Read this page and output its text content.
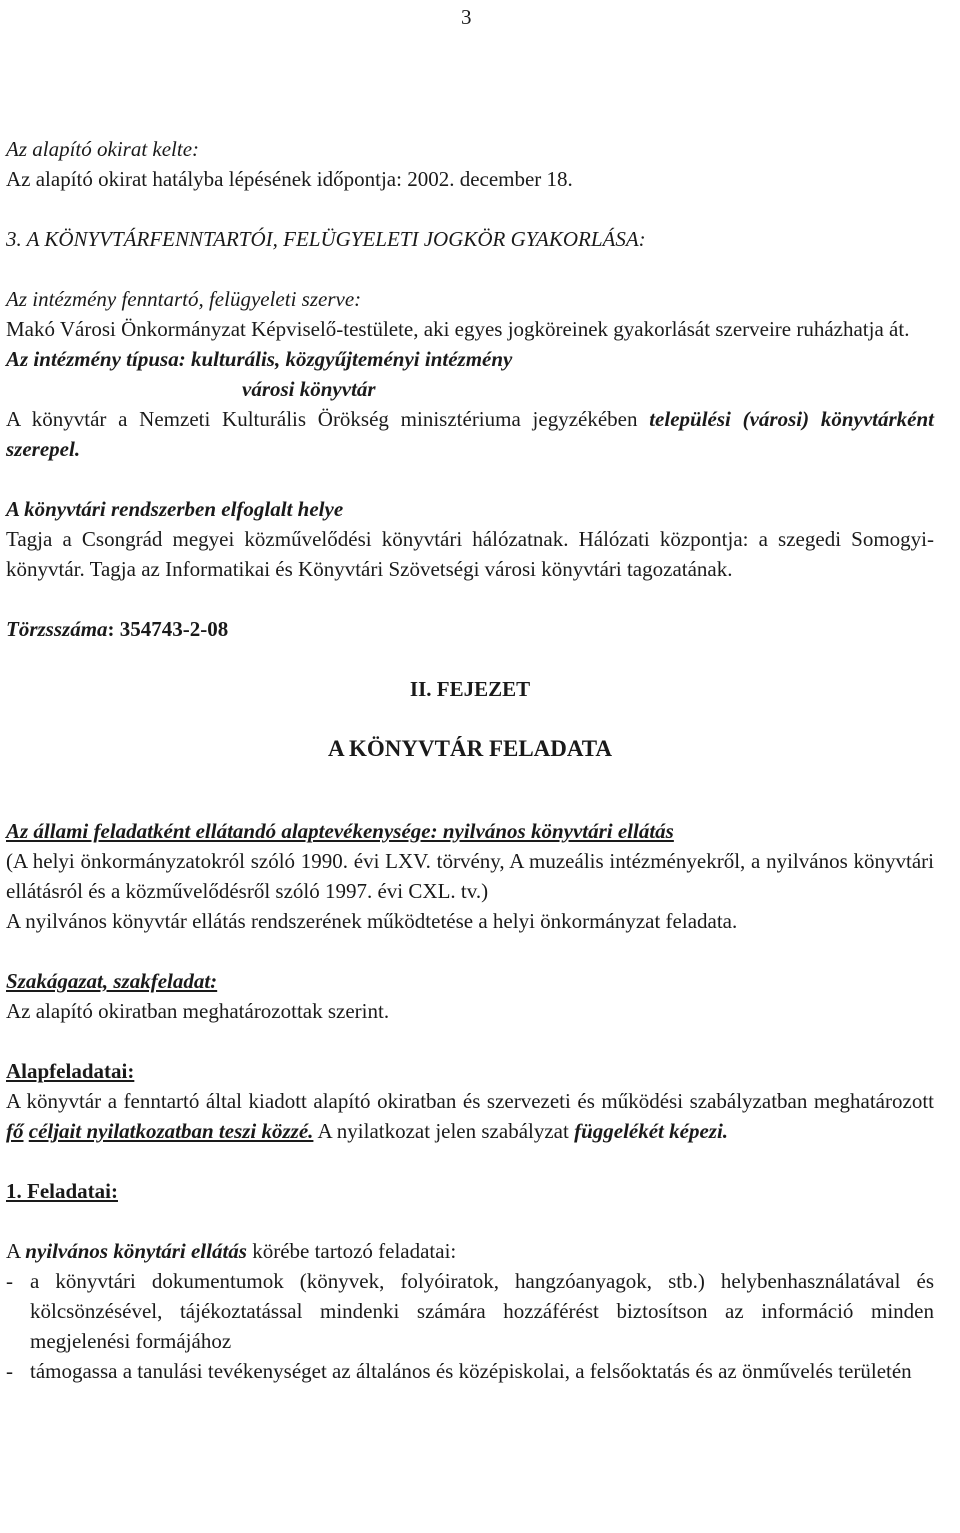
3

Az alapító okirat kelte:

Az alapító okirat hatályba lépésének időpontja: 2002. december 18.

3. A KÖNYVTÁRFENNTARTÓI, FELÜGYELETI JOGKÖR GYAKORLÁSA:

Az intézmény fenntartó, felügyeleti szerve:

Makó Városi Önkormányzat Képviselő-testülete, aki egyes jogköreinek gyakorlását szerveire ruházhatja át.

Az intézmény típusa: kulturális, közgyűjteményi intézmény

városi könyvtár

A könyvtár a Nemzeti Kulturális Örökség minisztériuma jegyzékében települési (városi) könyvtárként szerepel.

A könyvtári rendszerben elfoglalt helye

Tagja a Csongrád megyei közművelődési könyvtári hálózatnak. Hálózati központja: a szegedi Somogyi-könyvtár. Tagja az Informatikai és Könyvtári Szövetségi városi könyvtári tagozatának.

Törzsszáma: 354743-2-08

II. FEJEZET

A KÖNYVTÁR FELADATA

Az állami feladatként ellátandó alaptevékenysége: nyilvános könyvtári ellátás

(A helyi önkormányzatokról szóló 1990. évi LXV. törvény, A muzeális intézményekről, a nyilvános könyvtári ellátásról és a közművelődésről szóló 1997. évi CXL. tv.)

A nyilvános könyvtár ellátás rendszerének működtetése a helyi önkormányzat feladata.

Szakágazat, szakfeladat:

Az alapító okiratban meghatározottak szerint.

Alapfeladatai:

A könyvtár a fenntartó által kiadott alapító okiratban és szervezeti és működési szabályzatban meghatározott fő céljait nyilatkozatban teszi közzé. A nyilatkozat jelen szabályzat függelékét képezi.

1. Feladatai:

A nyilvános könytári ellátás körébe tartozó feladatai:

- a könyvtári dokumentumok (könyvek, folyóiratok, hangzóanyagok, stb.) helybenhasználatával és kölcsönzésével, tájékoztatással mindenki számára hozzáférést biztosítson az információ minden megjelenési formájához
- támogassa a tanulási tevékenységet az általános és középiskolai, a felsőoktatás és az önművelés területén
